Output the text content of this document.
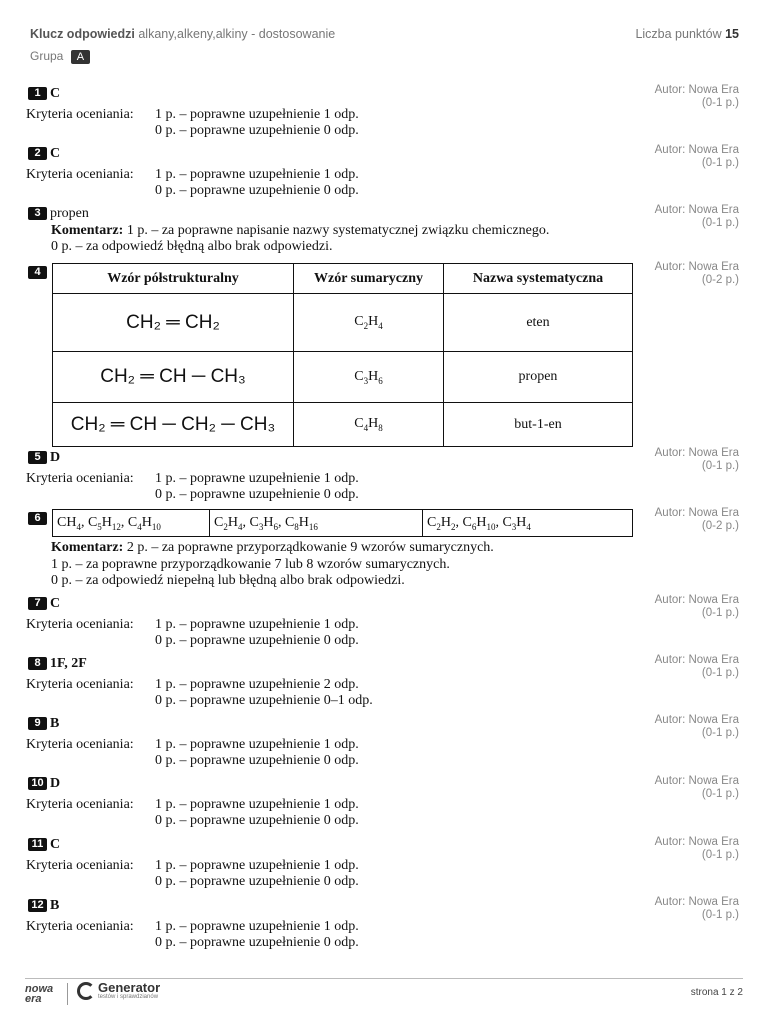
Klucz odpowiedzi alkany,alkeny,alkiny - dostosowanie	Liczba punktów 15
Grupa A
1 C
Kryteria oceniania: 1 p. – poprawne uzupełnienie 1 odp.
0 p. – poprawne uzupełnienie 0 odp.
Autor: Nowa Era
(0-1 p.)
2 C
Kryteria oceniania: 1 p. – poprawne uzupełnienie 1 odp.
0 p. – poprawne uzupełnienie 0 odp.
Autor: Nowa Era
(0-1 p.)
3 propen
Komentarz: 1 p. – za poprawne napisanie nazwy systematycznej związku chemicznego.
0 p. – za odpowiedź błędną albo brak odpowiedzi.
Autor: Nowa Era
(0-1 p.)
4	Autor: Nowa Era
(0-2 p.)
Wzór półstrukturalny	Wzór sumaryczny	Nazwa systematyczna
CH₂ ═ CH₂	$C_2H_4$	eten
CH₂ ═ CH ─ CH₃	$C_3H_6$	propen
CH₂ ═ CH ─ CH₂ ─ CH₃	$C_4H_8$	but-1-en
5 D
Kryteria oceniania: 1 p. – poprawne uzupełnienie 1 odp.
0 p. – poprawne uzupełnienie 0 odp.
Autor: Nowa Era
(0-1 p.)
6	Autor: Nowa Era
(0-2 p.)
$CH_4$, $C_5H_{12}$, $C_4H_{10}$	$C_2H_4$, $C_3H_6$, $C_8H_{16}$	$C_2H_2$, $C_6H_{10}$, $C_3H_4$
Komentarz: 2 p. – za poprawne przyporządkowanie 9 wzorów sumarycznych.
1 p. – za poprawne przyporządkowanie 7 lub 8 wzorów sumarycznych.
0 p. – za odpowiedź niepełną lub błędną albo brak odpowiedzi.
7 C
Kryteria oceniania: 1 p. – poprawne uzupełnienie 1 odp.
0 p. – poprawne uzupełnienie 0 odp.
Autor: Nowa Era
(0-1 p.)
8 1F, 2F
Kryteria oceniania: 1 p. – poprawne uzupełnienie 2 odp.
0 p. – poprawne uzupełnienie 0–1 odp.
Autor: Nowa Era
(0-1 p.)
9 B
Kryteria oceniania: 1 p. – poprawne uzupełnienie 1 odp.
0 p. – poprawne uzupełnienie 0 odp.
Autor: Nowa Era
(0-1 p.)
10 D
Kryteria oceniania: 1 p. – poprawne uzupełnienie 1 odp.
0 p. – poprawne uzupełnienie 0 odp.
Autor: Nowa Era
(0-1 p.)
11 C
Kryteria oceniania: 1 p. – poprawne uzupełnienie 1 odp.
0 p. – poprawne uzupełnienie 0 odp.
Autor: Nowa Era
(0-1 p.)
12 B
Kryteria oceniania: 1 p. – poprawne uzupełnienie 1 odp.
0 p. – poprawne uzupełnienie 0 odp.
Autor: Nowa Era
(0-1 p.)
nowa era
Generator
testów i sprawdzianów	strona 1 z 2
